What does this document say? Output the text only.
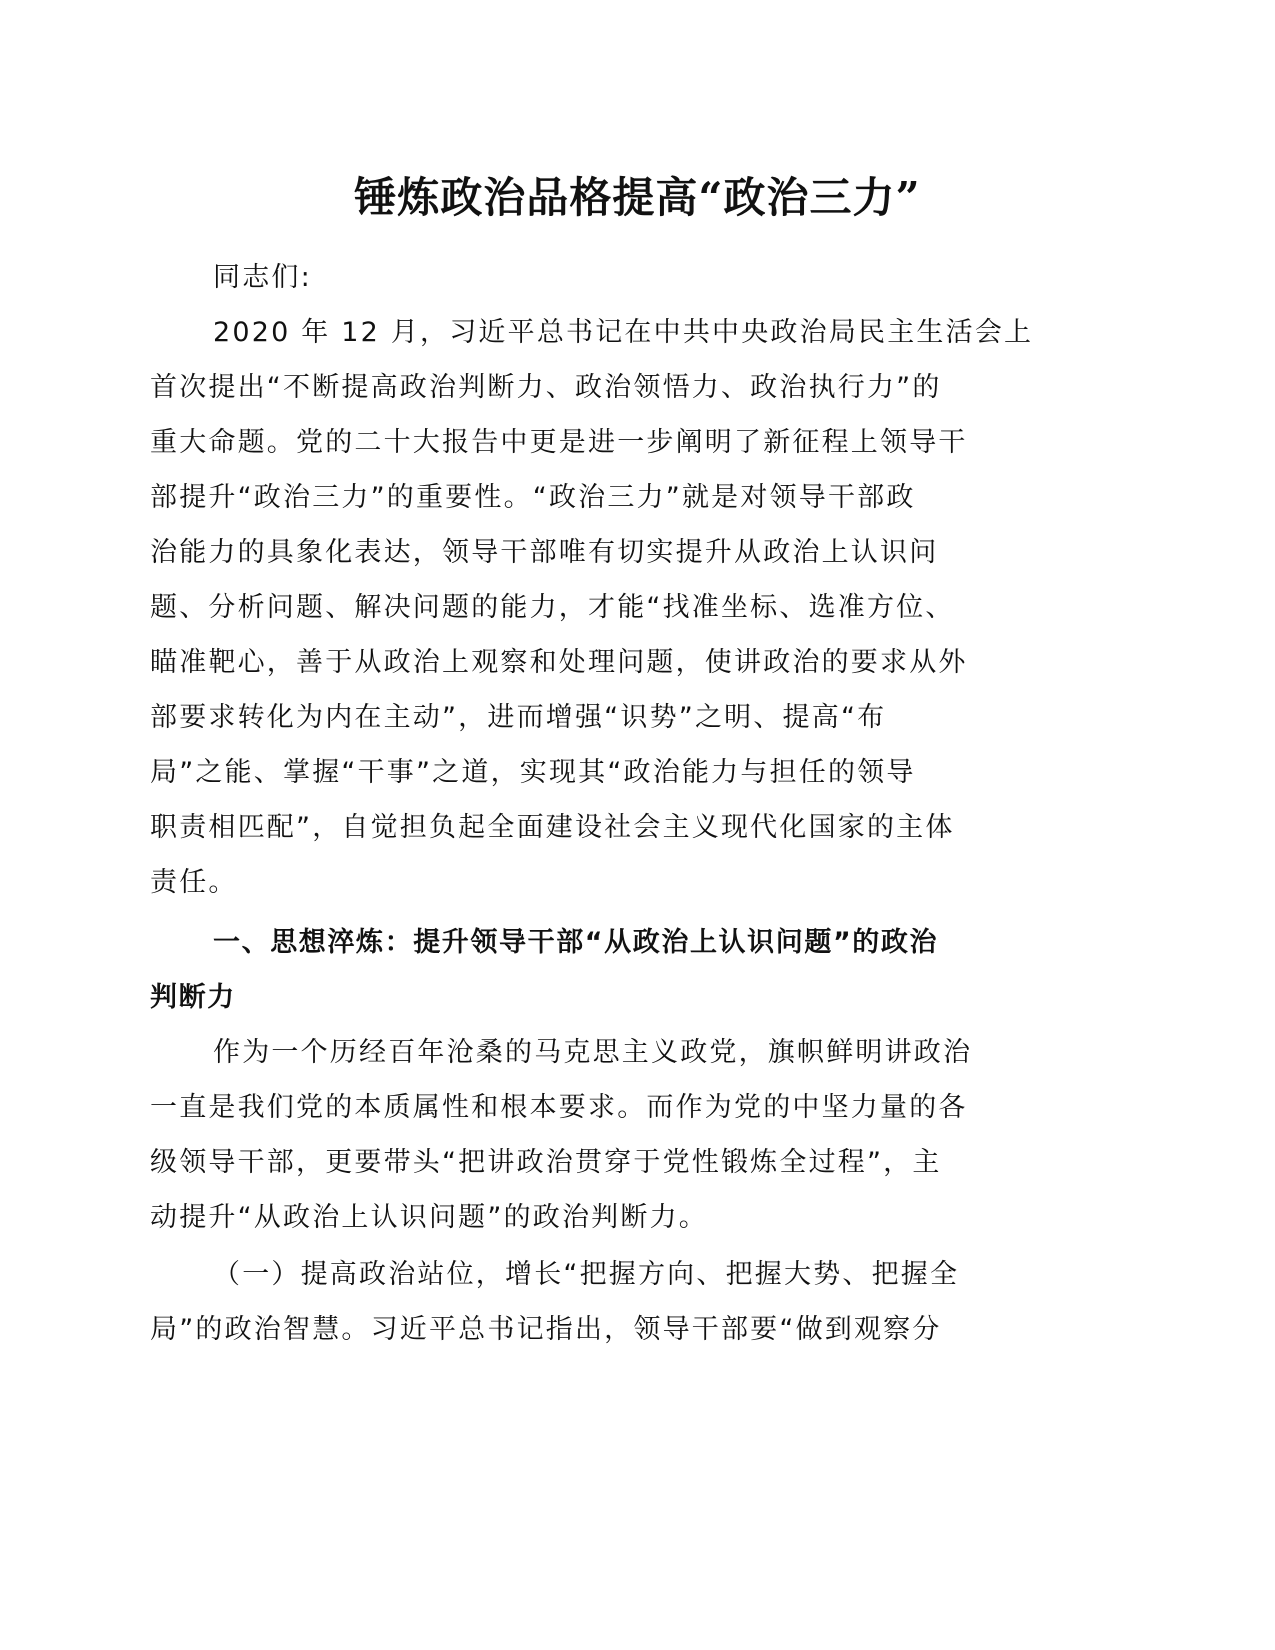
锤炼政治品格提高“政治三力”
同志们:
2020 年 12 月，习近平总书记在中共中央政治局民主生活会上
首次提出“不断提高政治判断力、政治领悟力、政治执行力”的
重大命题。党的二十大报告中更是进一步阐明了新征程上领导干
部提升“政治三力”的重要性。“政治三力”就是对领导干部政
治能力的具象化表达，领导干部唯有切实提升从政治上认识问
题、分析问题、解决问题的能力，才能“找准坐标、选准方位、
瞄准靶心，善于从政治上观察和处理问题，使讲政治的要求从外
部要求转化为内在主动”，进而增强“识势”之明、提高“布
局”之能、掌握“干事”之道，实现其“政治能力与担任的领导
职责相匹配”，自觉担负起全面建设社会主义现代化国家的主体
责任。
一、思想淬炼：提升领导干部“从政治上认识问题”的政治
判断力
作为一个历经百年沧桑的马克思主义政党，旗帜鲜明讲政治
一直是我们党的本质属性和根本要求。而作为党的中坚力量的各
级领导干部，更要带头“把讲政治贯穿于党性锻炼全过程”，主
动提升“从政治上认识问题”的政治判断力。
（一）提高政治站位，增长“把握方向、把握大势、把握全
局”的政治智慧。习近平总书记指出，领导干部要“做到观察分
